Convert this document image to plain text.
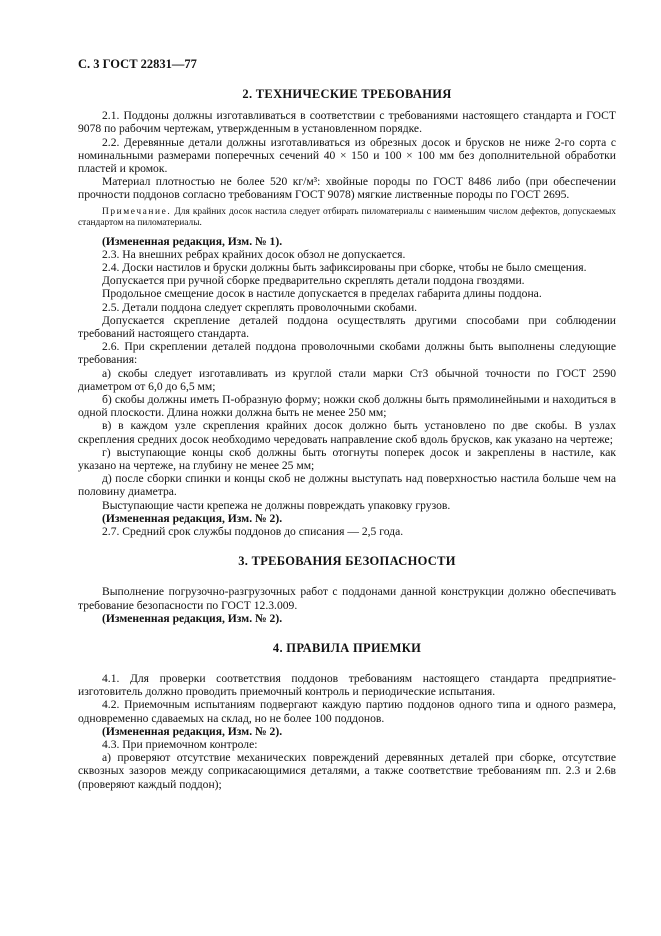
С. 3 ГОСТ 22831—77

2. ТЕХНИЧЕСКИЕ ТРЕБОВАНИЯ

2.1. Поддоны должны изготавливаться в соответствии с требованиями настоящего стандарта и ГОСТ 9078 по рабочим чертежам, утвержденным в установленном порядке.

2.2. Деревянные детали должны изготавливаться из обрезных досок и брусков не ниже 2-го сорта с номинальными размерами поперечных сечений 40 × 150 и 100 × 100 мм без дополнительной обработки пластей и кромок.

Материал плотностью не более 520 кг/м³: хвойные породы по ГОСТ 8486 либо (при обеспечении прочности поддонов согласно требованиям ГОСТ 9078) мягкие лиственные породы по ГОСТ 2695.

Примечание. Для крайних досок настила следует отбирать пиломатериалы с наименьшим числом дефектов, допускаемых стандартом на пиломатериалы.

(Измененная редакция, Изм. № 1).

2.3. На внешних ребрах крайних досок обзол не допускается.

2.4. Доски настилов и бруски должны быть зафиксированы при сборке, чтобы не было смещения.

Допускается при ручной сборке предварительно скреплять детали поддона гвоздями.

Продольное смещение досок в настиле допускается в пределах габарита длины поддона.

2.5. Детали поддона следует скреплять проволочными скобами.

Допускается скрепление деталей поддона осуществлять другими способами при соблюдении требований настоящего стандарта.

2.6. При скреплении деталей поддона проволочными скобами должны быть выполнены следующие требования:

а) скобы следует изготавливать из круглой стали марки Ст3 обычной точности по ГОСТ 2590 диаметром от 6,0 до 6,5 мм;

б) скобы должны иметь П-образную форму; ножки скоб должны быть прямолинейными и находиться в одной плоскости. Длина ножки должна быть не менее 250 мм;

в) в каждом узле скрепления крайних досок должно быть установлено по две скобы. В узлах скрепления средних досок необходимо чередовать направление скоб вдоль брусков, как указано на чертеже;

г) выступающие концы скоб должны быть отогнуты поперек досок и закреплены в настиле, как указано на чертеже, на глубину не менее 25 мм;

д) после сборки спинки и концы скоб не должны выступать над поверхностью настила больше чем на половину диаметра.

Выступающие части крепежа не должны повреждать упаковку грузов.

(Измененная редакция, Изм. № 2).

2.7. Средний срок службы поддонов до списания — 2,5 года.

3. ТРЕБОВАНИЯ БЕЗОПАСНОСТИ

Выполнение погрузочно-разгрузочных работ с поддонами данной конструкции должно обеспечивать требование безопасности по ГОСТ 12.3.009.

(Измененная редакция, Изм. № 2).

4. ПРАВИЛА ПРИЕМКИ

4.1. Для проверки соответствия поддонов требованиям настоящего стандарта предприятие-изготовитель должно проводить приемочный контроль и периодические испытания.

4.2. Приемочным испытаниям подвергают каждую партию поддонов одного типа и одного размера, одновременно сдаваемых на склад, но не более 100 поддонов.

(Измененная редакция, Изм. № 2).

4.3. При приемочном контроле:

а) проверяют отсутствие механических повреждений деревянных деталей при сборке, отсутствие сквозных зазоров между соприкасающимися деталями, а также соответствие требованиям пп. 2.3 и 2.6в (проверяют каждый поддон);
